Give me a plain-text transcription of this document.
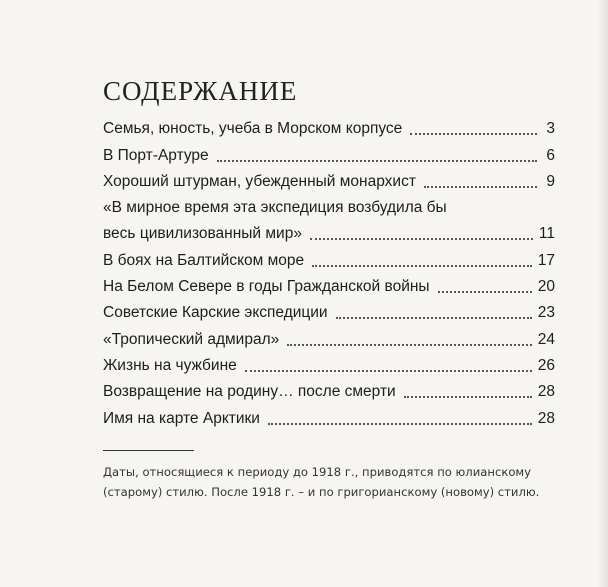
СОДЕРЖАНИЕ
Семья, юность, учеба в Морском корпусе	3
В Порт-Артуре	6
Хороший штурман, убежденный монархист	9
«В мирное время эта экспедиция возбудила бы
весь цивилизованный мир»	11
В боях на Балтийском море	17
На Белом Севере в годы Гражданской войны	20
Советские Карские экспедиции	23
«Тропический адмирал»	24
Жизнь на чужбине	26
Возвращение на родину… после смерти	28
Имя на карте Арктики	28
Даты, относящиеся к периоду до 1918 г., приводятся по юлианскому
(старому) стилю. После 1918 г. – и по григорианскому (новому) стилю.
